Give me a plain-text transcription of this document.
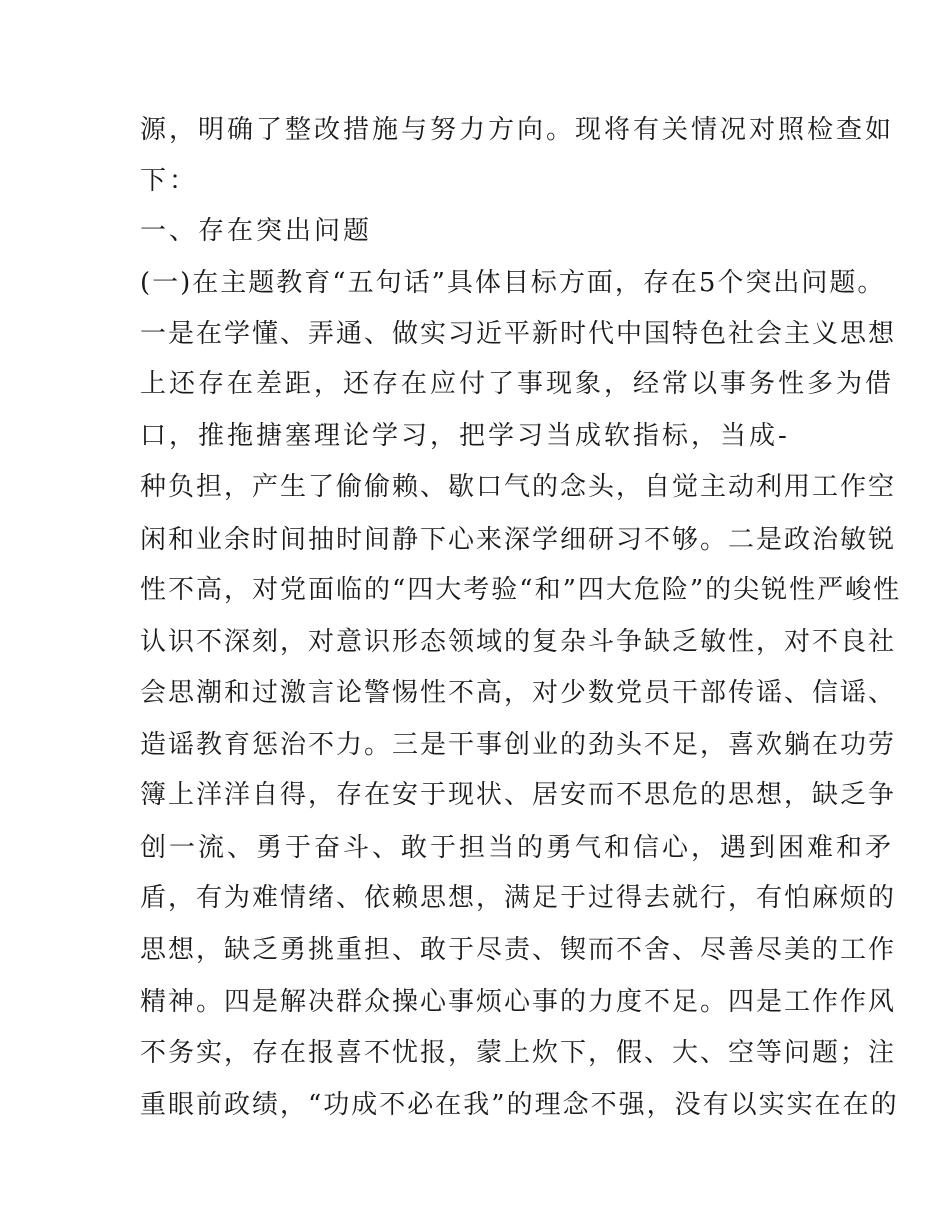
源，明确了整改措施与努力方向。现将有关情况对照检查如
下：
一、存在突出问题
(一)在主题教育“五句话”具体目标方面，存在5个突出问题。
一是在学懂、弄通、做实习近平新时代中国特色社会主义思想
上还存在差距，还存在应付了事现象，经常以事务性多为借
口，推拖搪塞理论学习，把学习当成软指标，当成-
种负担，产生了偷偷赖、歇口气的念头，自觉主动利用工作空
闲和业余时间抽时间静下心来深学细研习不够。二是政治敏锐
性不高，对党面临的“四大考验“和”四大危险”的尖锐性严峻性
认识不深刻，对意识形态领域的复杂斗争缺乏敏性，对不良社
会思潮和过激言论警惕性不高，对少数党员干部传谣、信谣、
造谣教育惩治不力。三是干事创业的劲头不足，喜欢躺在功劳
簿上洋洋自得，存在安于现状、居安而不思危的思想，缺乏争
创一流、勇于奋斗、敢于担当的勇气和信心，遇到困难和矛
盾，有为难情绪、依赖思想，满足于过得去就行，有怕麻烦的
思想，缺乏勇挑重担、敢于尽责、锲而不舍、尽善尽美的工作
精神。四是解决群众操心事烦心事的力度不足。四是工作作风
不务实，存在报喜不忧报，蒙上炊下，假、大、空等问题；注
重眼前政绩，“功成不必在我”的理念不强，没有以实实在在的
